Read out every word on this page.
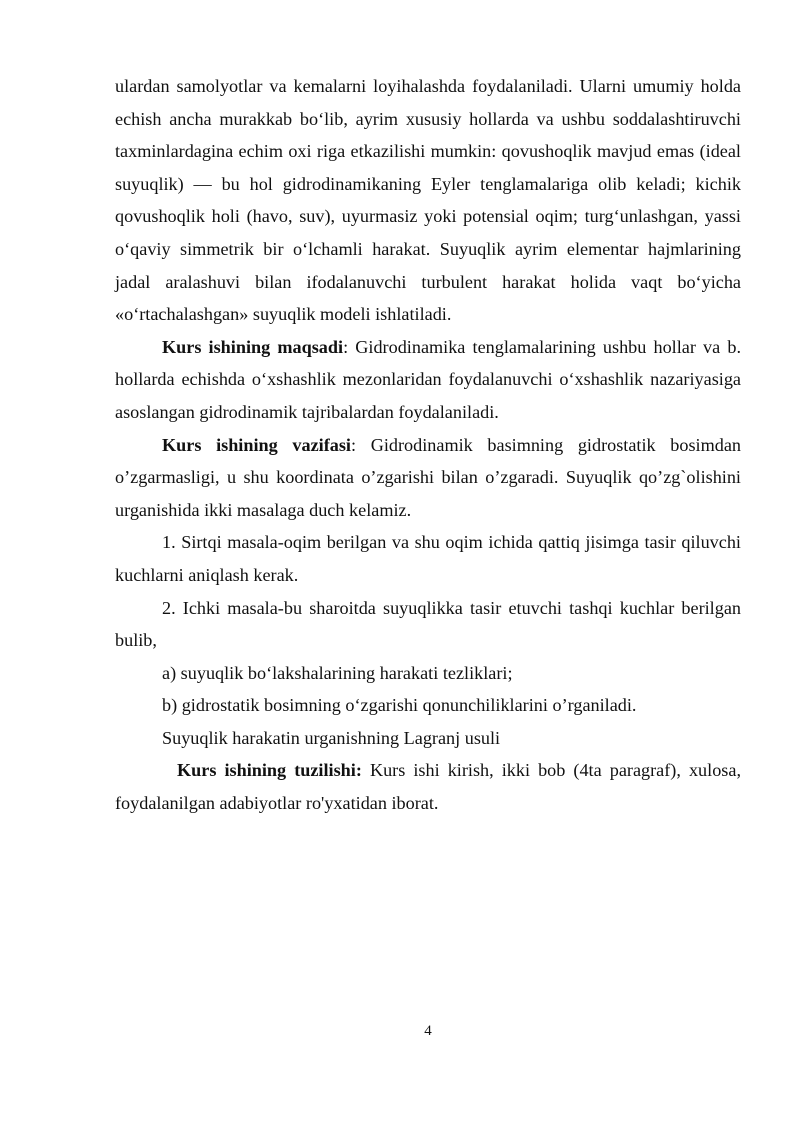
ulardan samolyotlar va kemalarni loyihalashda foydalaniladi. Ularni umumiy holda echish ancha murakkab bo‘lib, ayrim xususiy hollarda va ushbu soddalashtiruvchi taxminlardagina echim oxi riga etkazilishi mumkin: qovushoqlik mavjud emas (ideal suyuqlik) — bu hol gidrodinamikaning Eyler tenglamalariga olib keladi; kichik qovushoqlik holi (havo, suv), uyurmasiz yoki potensial oqim; turg‘unlashgan, yassi o‘qaviy simmetrik bir o‘lchamli harakat. Suyuqlik ayrim elementar hajmlarining jadal aralashuvi bilan ifodalanuvchi turbulent harakat holida vaqt bo‘yicha «o‘rtachalashgan» suyuqlik modeli ishlatiladi.

Kurs ishining maqsadi: Gidrodinamika tenglamalarining ushbu hollar va b. hollarda echishda o‘xshashlik mezonlaridan foydalanuvchi o‘xshashlik nazariyasiga asoslangan gidrodinamik tajribalardan foydalaniladi.

Kurs ishining vazifasi: Gidrodinamik basimning gidrostatik bosimdan o’zgarmasligi, u shu koordinata o’zgarishi bilan o’zgaradi. Suyuqlik qo’zg`olishini urganishida ikki masalaga duch kelamiz.

1. Sirtqi masala-oqim berilgan va shu oqim ichida qattiq jisimga tasir qiluvchi kuchlarni aniqlash kerak.

2. Ichki masala-bu sharoitda suyuqlikka tasir etuvchi tashqi kuchlar berilgan bulib,

a) suyuqlik bo‘lakshalarining harakati tezliklari;

b) gidrostatik bosimning o‘zgarishi qonunchiliklarini o’rganiladi.

Suyuqlik harakatin urganishning Lagranj usuli

Kurs ishining tuzilishi: Kurs ishi kirish, ikki bob (4ta paragraf), xulosa, foydalanilgan adabiyotlar ro'yxatidan iborat.

4
